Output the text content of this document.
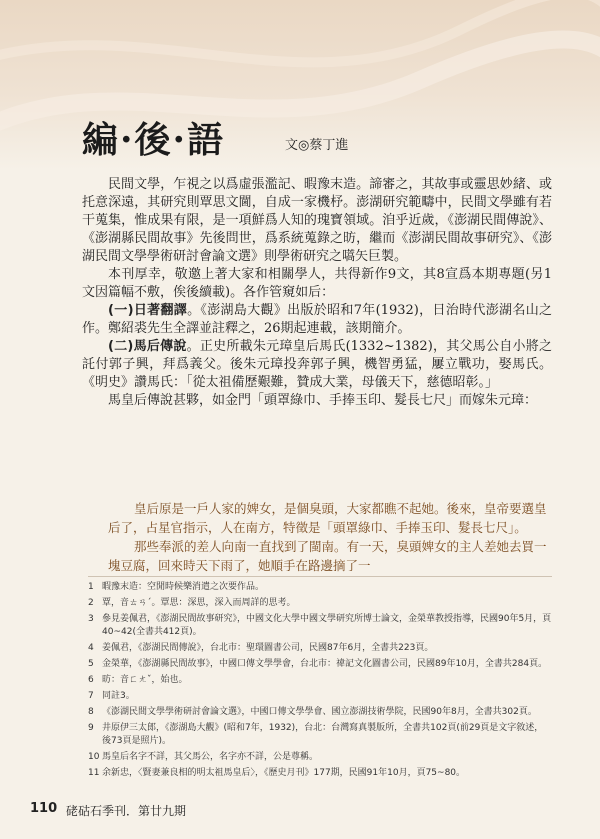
編·後·語	文◎蔡丁進

民間文學，乍視之以爲虛張濫記、暇豫末造。諦審之，其故事或靈思妙緒、或托意深遠，其研究則覃思文閫，自成一家機杼。澎湖研究範疇中，民間文學雖有若干蒐集，惟成果有限，是一項鮮爲人知的瑰寶領域。洎乎近歲，《澎湖民間傳說》、《澎湖縣民間故事》先後問世，爲系統蒐錄之昉，繼而《澎湖民間故事研究》、《澎湖民間文學學術研討會論文選》則學術研究之嚆矢巨製。

本刊厚幸，敬邀上著大家和相關學人，共得新作9文，其8宣爲本期專題(另1文因篇幅不敷，俟後續載)。各作管窺如后：

(一)日著翻譯。《澎湖島大觀》出版於昭和7年(1932)，日治時代澎湖名山之作。鄭紹裘先生全譯並註釋之，26期起連載，該期簡介。

(二)馬后傳說。正史所載朱元璋皇后馬氏(1332~1382)，其父馬公自小將之託付郭子興，拜爲義父。後朱元璋投奔郭子興，機智勇猛，屢立戰功，娶馬氏。《明史》讚馬氏：「從太祖備歷艱難，贊成大業，母儀天下，慈德昭彰。」

馬皇后傳說甚夥，如金門「頭罩綠巾、手捧玉印、髮長七尺」而嫁朱元璋：

皇后原是一戶人家的婢女，是個臭頭，大家都瞧不起她。後來，皇帝要選皇后了，占星官指示，人在南方，特徵是「頭罩綠巾、手捧玉印、髮長七尺」。

那些奉派的差人向南一直找到了閩南。有一天，臭頭婢女的主人差她去買一塊豆腐，回來時天下雨了，她順手在路邊摘了一

1 暇豫末造：空閒時候樂消遣之次要作品。
2 覃，音ㄊㄢˊ。覃思：深思，深入而周詳的思考。
3 參見姜佩君，《澎湖民間故事研究》，中國文化大學中國文學研究所博士論文，金榮華教授指導，民國90年5月，頁40~42(全書共412頁)。
4 姜佩君，《澎湖民間傳說》，台北市：聖環圖書公司，民國87年6月，全書共223頁。
5 金榮華，《澎湖縣民間故事》，中國口傳文學學會，台北市：禕記文化圖書公司，民國89年10月，全書共284頁。
6 昉：音ㄈㄤˇ，始也。
7 同註3。
8 《澎湖民間文學學術研討會論文選》，中國口傳文學學會、國立澎湖技術學院，民國90年8月，全書共302頁。
9 井原伊三太郎，《澎湖島大觀》(昭和7年，1932)，台北：台灣寫真製版所，全書共102頁(前29頁是文字敘述，後73頁是照片)。
10 馬皇后名字不詳，其父馬公，名字亦不詳，公是尊稱。
11 余新忠，〈賢妻兼良相的明太祖馬皇后〉，《歷史月刊》177期，民國91年10月，頁75~80。
110 硓𥑮石季刊．第廿九期
